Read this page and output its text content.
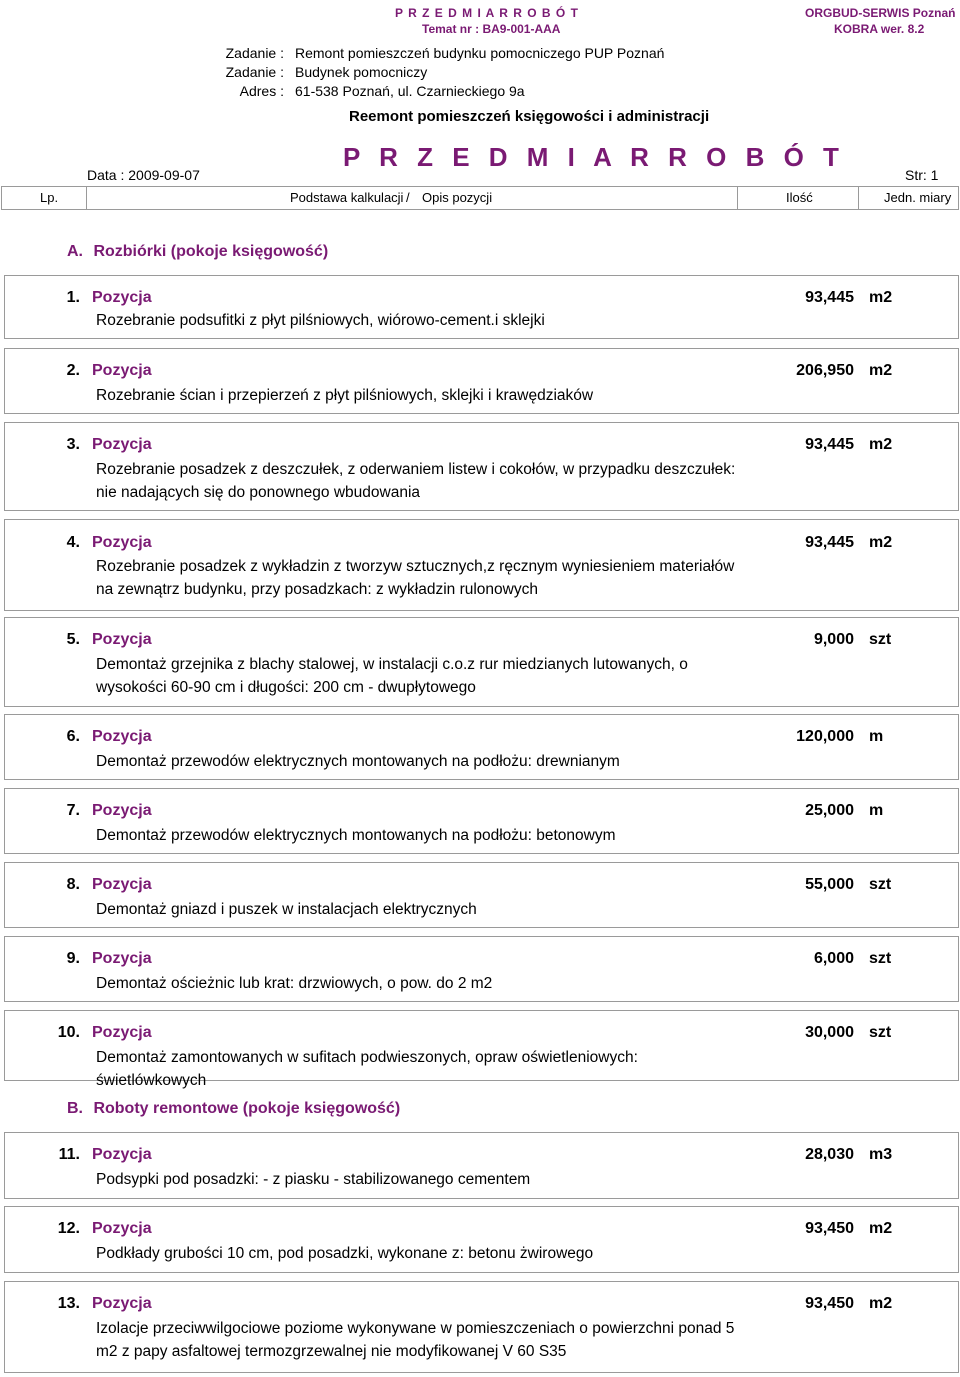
P R Z E D M I A R R O B Ó T
Temat nr : BA9-001-AAA
ORGBUD-SERWIS Poznań
KOBRA wer. 8.2
Zadanie : Remont pomieszczeń budynku pomocniczego PUP Poznań
Zadanie : Budynek pomocniczy
Adres : 61-538 Poznań, ul. Czarnieckiego 9a
Reemont pomieszczeń księgowości i administracji
P R Z E D M I A R R O B Ó T
Data : 2009-09-07	Str: 1
Lp.	Podstawa kalkulacji / Opis pozycji	Ilość	Jedn. miary
A. Rozbiórki (pokoje księgowość)
1. Pozycja	93,445 m2
Rozebranie podsufitki z płyt pilśniowych, wiórowo-cement.i sklejki
2. Pozycja	206,950 m2
Rozebranie ścian i przepierzeń z płyt pilśniowych, sklejki i krawędziaków
3. Pozycja	93,445 m2
Rozebranie posadzek z deszczułek, z oderwaniem listew i cokołów, w przypadku deszczułek: nie nadających się do ponownego wbudowania
4. Pozycja	93,445 m2
Rozebranie posadzek z wykładzin z tworzyw sztucznych,z ręcznym wyniesieniem materiałów na zewnątrz budynku, przy posadzkach: z wykładzin rulonowych
5. Pozycja	9,000 szt
Demontaż grzejnika z blachy stalowej, w instalacji c.o.z rur miedzianych lutowanych, o wysokości 60-90 cm i długości: 200 cm - dwupłytowego
6. Pozycja	120,000 m
Demontaż przewodów elektrycznych montowanych na podłożu: drewnianym
7. Pozycja	25,000 m
Demontaż przewodów elektrycznych montowanych na podłożu: betonowym
8. Pozycja	55,000 szt
Demontaż gniazd i puszek w instalacjach elektrycznych
9. Pozycja	6,000 szt
Demontaż ościeżnic lub krat: drzwiowych, o pow. do 2 m2
10. Pozycja	30,000 szt
Demontaż zamontowanych w sufitach podwieszonych, opraw oświetleniowych: świetlówkowych
B. Roboty remontowe (pokoje księgowość)
11. Pozycja	28,030 m3
Podsypki pod posadzki: - z piasku - stabilizowanego cementem
12. Pozycja	93,450 m2
Podkłady grubości 10 cm, pod posadzki, wykonane z: betonu żwirowego
13. Pozycja	93,450 m2
Izolacje przeciwwilgociowe poziome wykonywane w pomieszczeniach o powierzchni ponad 5 m2 z papy asfaltowej termozgrzewalnej nie modyfikowanej V 60 S35
